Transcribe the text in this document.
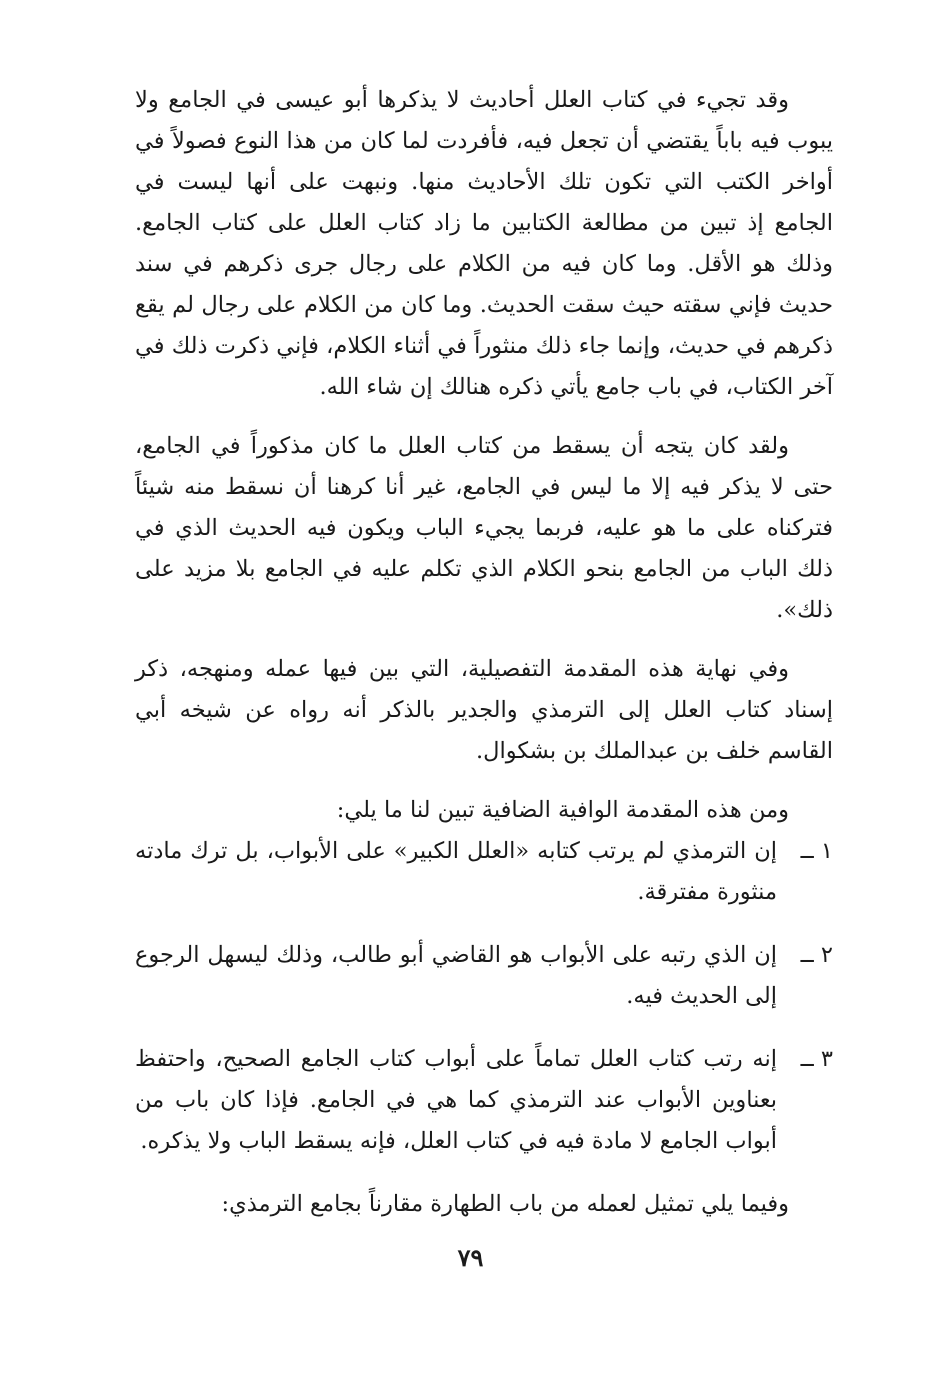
وقد تجيء في كتاب العلل أحاديث لا يذكرها أبو عيسى في الجامع ولا يبوب فيه باباً يقتضي أن تجعل فيه، فأفردت لما كان من هذا النوع فصولاً في أواخر الكتب التي تكون تلك الأحاديث منها. ونبهت على أنها ليست في الجامع إذ تبين من مطالعة الكتابين ما زاد كتاب العلل على كتاب الجامع. وذلك هو الأقل. وما كان فيه من الكلام على رجال جرى ذكرهم في سند حديث فإني سقته حيث سقت الحديث. وما كان من الكلام على رجال لم يقع ذكرهم في حديث، وإنما جاء ذلك منثوراً في أثناء الكلام، فإني ذكرت ذلك في آخر الكتاب، في باب جامع يأتي ذكره هنالك إن شاء الله.

ولقد كان يتجه أن يسقط من كتاب العلل ما كان مذكوراً في الجامع، حتى لا يذكر فيه إلا ما ليس في الجامع، غير أنا كرهنا أن نسقط منه شيئاً فتركناه على ما هو عليه، فربما يجيء الباب ويكون فيه الحديث الذي في ذلك الباب من الجامع بنحو الكلام الذي تكلم عليه في الجامع بلا مزيد على ذلك».

وفي نهاية هذه المقدمة التفصيلية، التي بين فيها عمله ومنهجه، ذكر إسناد كتاب العلل إلى الترمذي والجدير بالذكر أنه رواه عن شيخه أبي القاسم خلف بن عبدالملك بن بشكوال.

ومن هذه المقدمة الوافية الضافية تبين لنا ما يلي:

١ ــ
إن الترمذي لم يرتب كتابه «العلل الكبير» على الأبواب، بل ترك مادته منثورة مفترقة.
٢ ــ
إن الذي رتبه على الأبواب هو القاضي أبو طالب، وذلك ليسهل الرجوع إلى الحديث فيه.
٣ ــ
إنه رتب كتاب العلل تماماً على أبواب كتاب الجامع الصحيح، واحتفظ بعناوين الأبواب عند الترمذي كما هي في الجامع. فإذا كان باب من أبواب الجامع لا مادة فيه في كتاب العلل، فإنه يسقط الباب ولا يذكره.

وفيما يلي تمثيل لعمله من باب الطهارة مقارناً بجامع الترمذي:

٧٩
